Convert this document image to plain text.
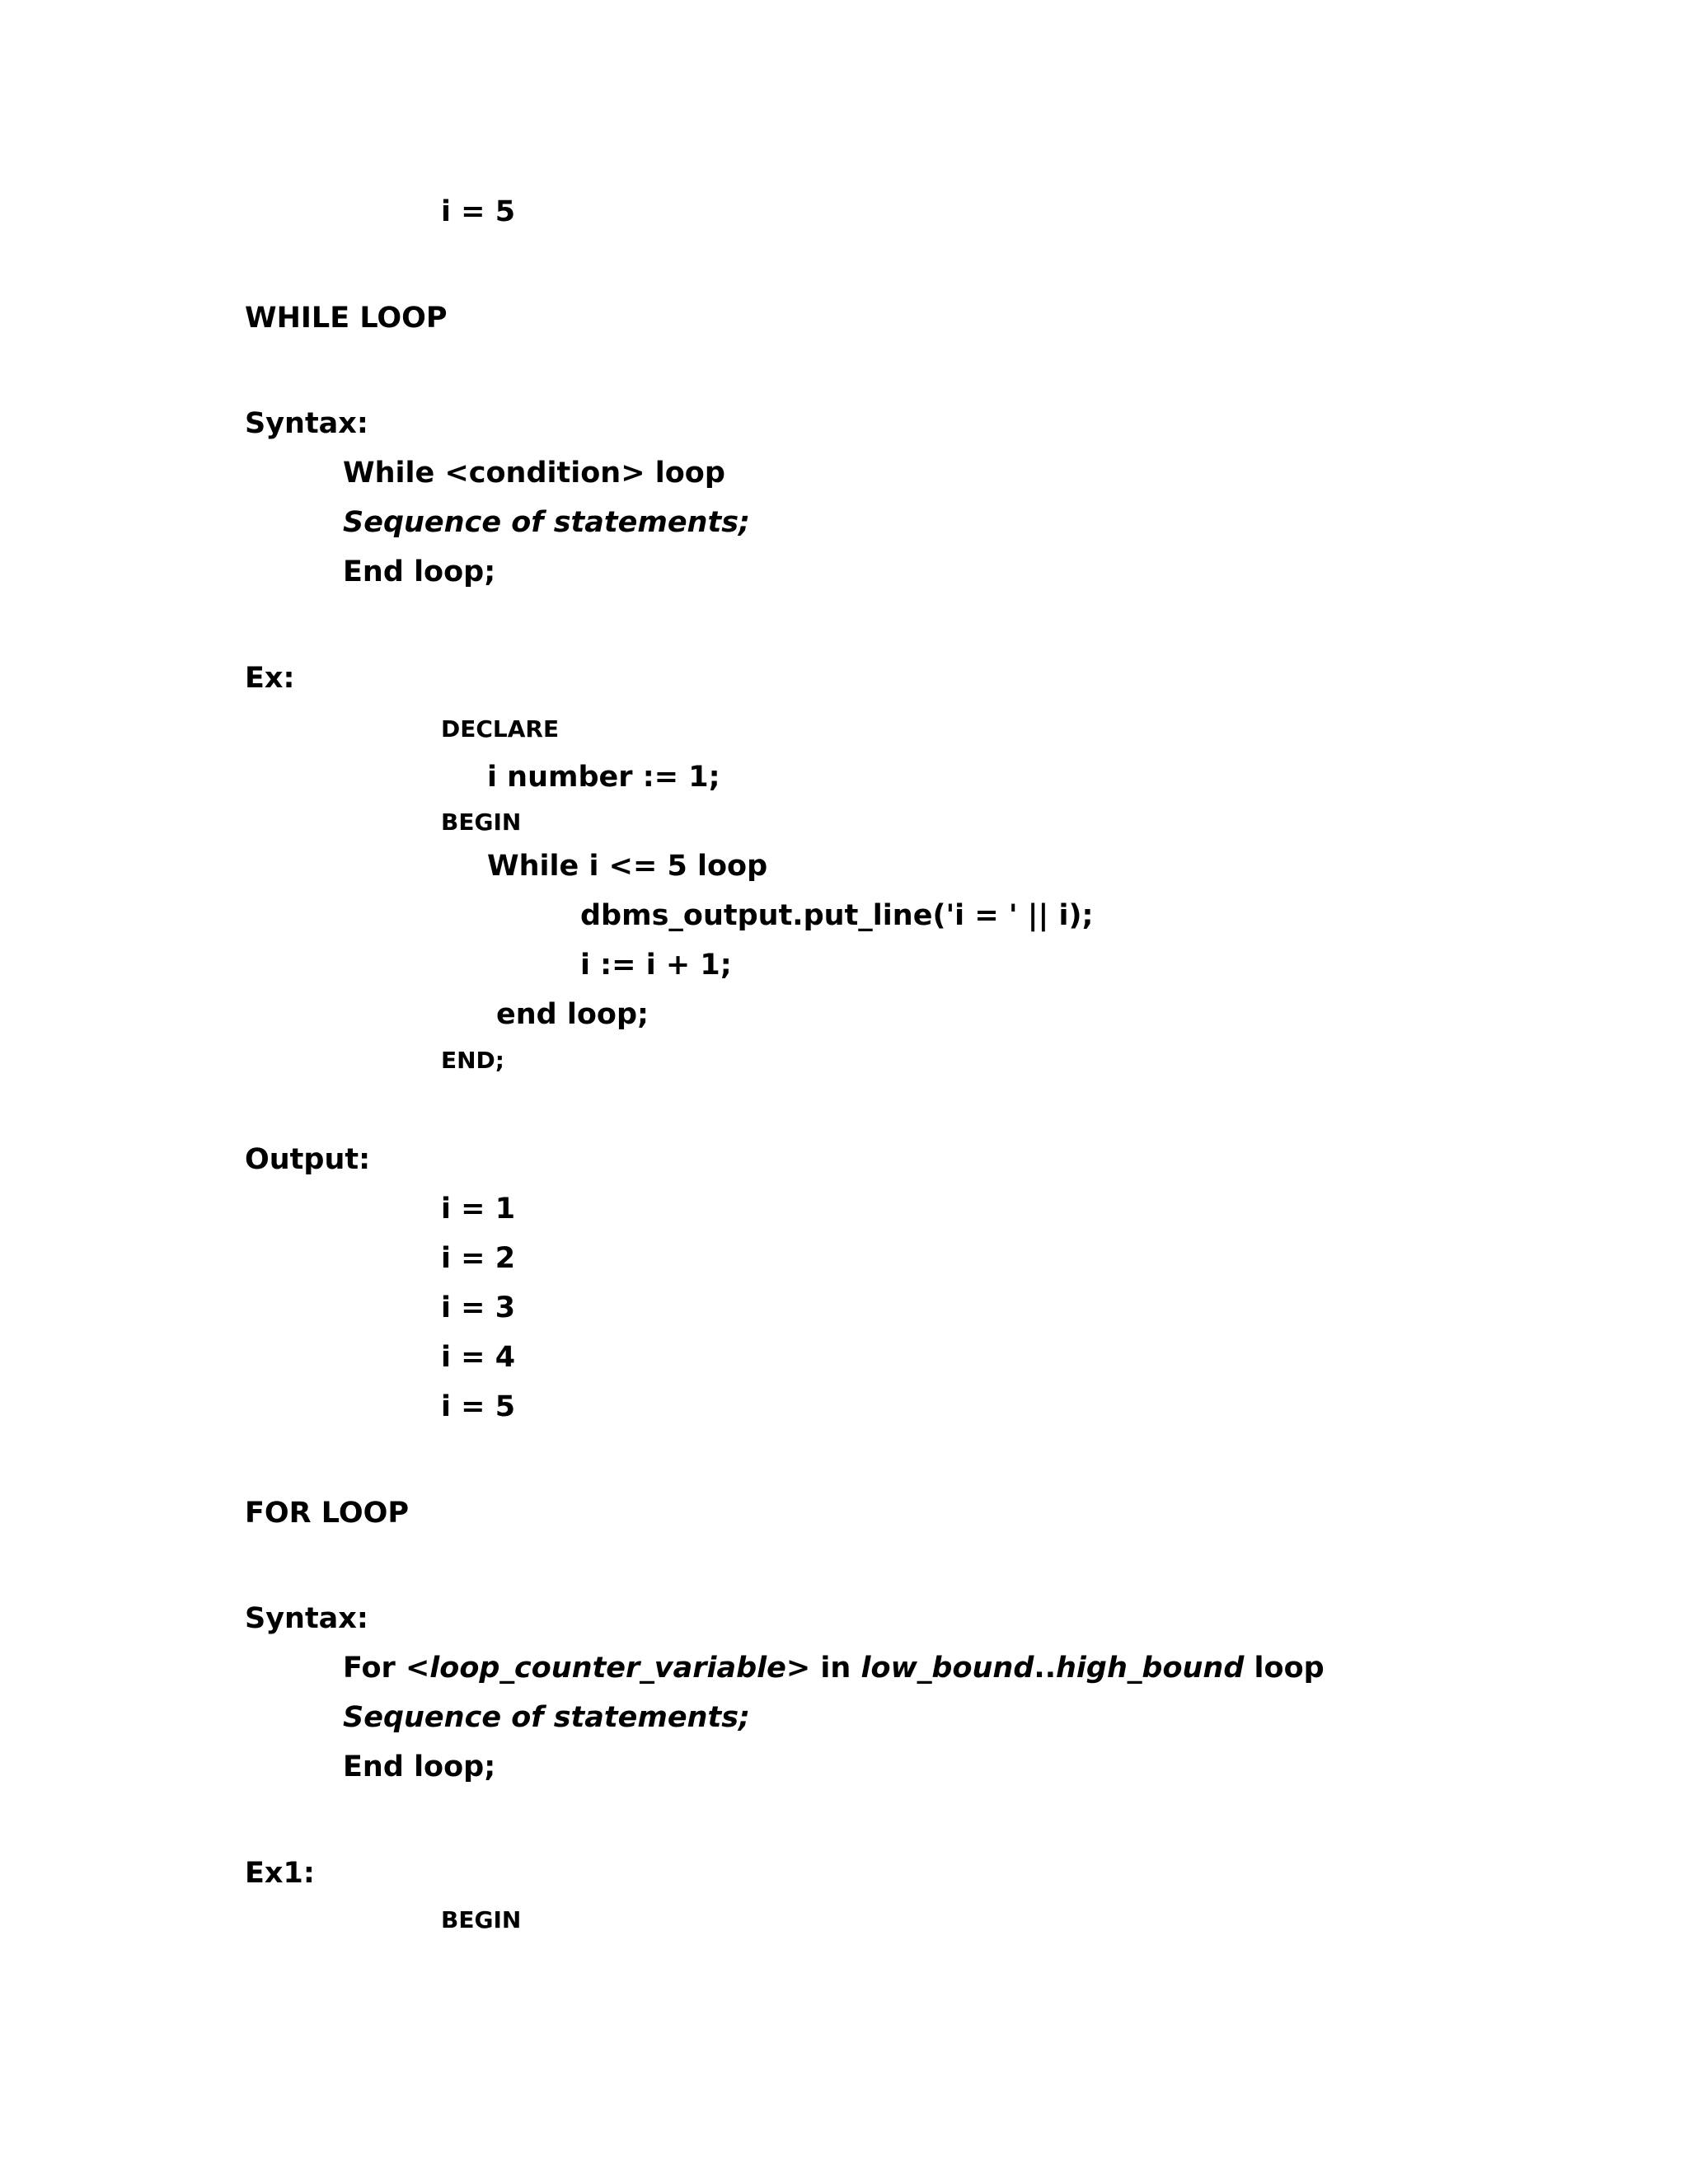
i = 5
WHILE LOOP
Syntax:
While <condition> loop
Sequence of statements;
End loop;
Ex:
DECLARE
i number := 1;
BEGIN
While i <= 5 loop
dbms_output.put_line('i = ' || i);
i := i + 1;
end loop;
END;
Output:
i = 1
i = 2
i = 3
i = 4
i = 5
FOR LOOP
Syntax:
For <loop_counter_variable> in low_bound..high_bound loop
Sequence of statements;
End loop;
Ex1:
BEGIN
